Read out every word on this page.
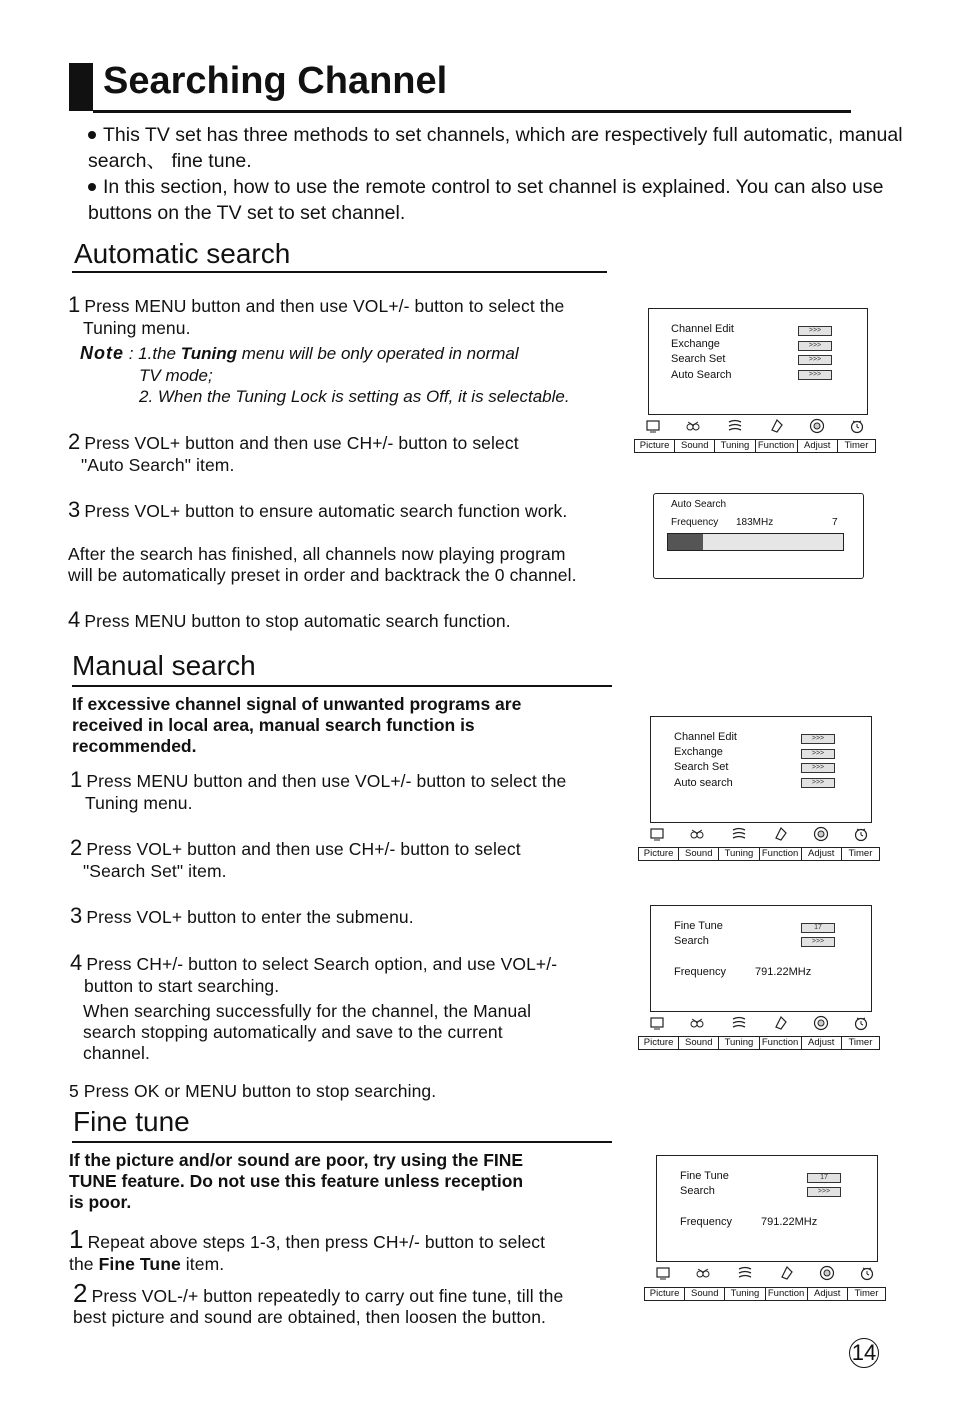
Searching Channel
This TV set has three methods to set channels, which are respectively full automatic, manual search、 fine tune.
In this section, how to use the remote control to set channel is explained. You can also use buttons on the TV set to set channel.
Automatic search
1 Press MENU button and then use VOL+/- button to select the
Tuning menu.
Note : 1.the Tuning menu will be only operated in normal
TV mode;
2. When the Tuning Lock is setting as Off, it is selectable.
2 Press VOL+ button and then use CH+/- button to select
"Auto Search" item.
3 Press VOL+ button to ensure automatic search function work.
After the search has finished, all channels now playing program
will be automatically preset in order and backtrack the 0 channel.
4 Press MENU button to stop automatic search function.
Channel Edit
Exchange
Search Set
Auto Search
>>>
>>>
>>>
>>>
Picture	Sound	Tuning Function	Adjust	Timer
Auto Search
Frequency 183MHz	7
Manual search
If excessive channel signal of unwanted programs are
received in local area, manual search function is
recommended.
1 Press MENU button and then use VOL+/- button to select the
Tuning menu.
2 Press VOL+ button and then use CH+/- button to select
"Search Set" item.
3 Press VOL+ button to enter the submenu.
4 Press CH+/- button to select Search option, and use VOL+/-
button to start searching.
When searching successfully for the channel, the Manual
search stopping automatically and save to the current
channel.
5 Press OK or MENU button to stop searching.
Channel Edit
Exchange
Search Set
Auto search
>>>
>>>
>>>
>>>
Picture	Sound	Tuning Function	Adjust	Timer
Fine Tune
Search
Frequency	791.22MHz
17
>>>
Picture	Sound	Tuning Function	Adjust	Timer
Fine tune
If the picture and/or sound are poor, try using the FINE
TUNE feature. Do not use this feature unless reception
is poor.
1 Repeat above steps 1-3, then press CH+/- button to select
the Fine Tune item.
2 Press VOL-/+ button repeatedly to carry out fine tune, till the
best picture and sound are obtained, then loosen the button.
Fine Tune
Search
Frequency	791.22MHz
17
>>>
Picture	Sound	Tuning Function	Adjust	Timer
14
